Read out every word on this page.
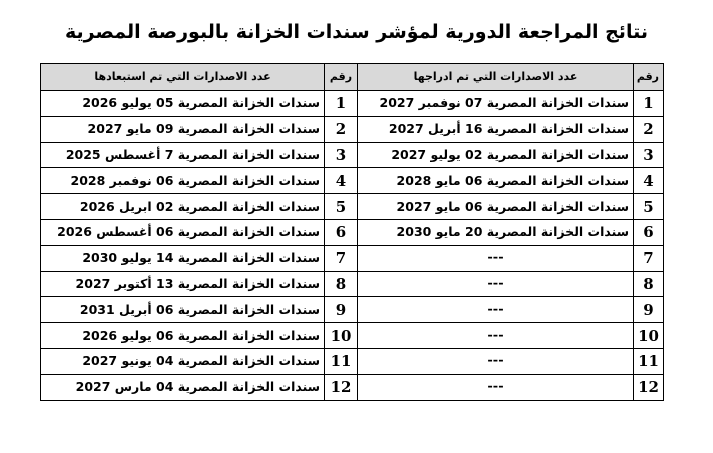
نتائج المراجعة الدورية لمؤشر سندات الخزانة بالبورصة المصرية
رقم	عدد الاصدارات التي تم ادراجها	رقم	عدد الاصدارات التي تم استبعادها
1	سندات الخزانة المصرية 07 نوفمبر 2027	1	سندات الخزانة المصرية 05 يوليو 2026
2	سندات الخزانة المصرية 16 أبريل 2027	2	سندات الخزانة المصرية 09 مايو 2027
3	سندات الخزانة المصرية 02 يوليو 2027	3	سندات الخزانة المصرية 7 أغسطس 2025
4	سندات الخزانة المصرية 06 مايو 2028	4	سندات الخزانة المصرية 06 نوفمبر 2028
5	سندات الخزانة المصرية 06 مايو 2027	5	سندات الخزانة المصرية 02 ابريل 2026
6	سندات الخزانة المصرية 20 مايو 2030	6	سندات الخزانة المصرية 06 أغسطس 2026
7	---	7	سندات الخزانة المصرية 14 يوليو 2030
8	---	8	سندات الخزانة المصرية 13 أكتوبر 2027
9	---	9	سندات الخزانة المصرية 06 أبريل 2031
10	---	10	سندات الخزانة المصرية 06 يوليو 2026
11	---	11	سندات الخزانة المصرية 04 يونيو 2027
12	---	12	سندات الخزانة المصرية 04 مارس 2027
